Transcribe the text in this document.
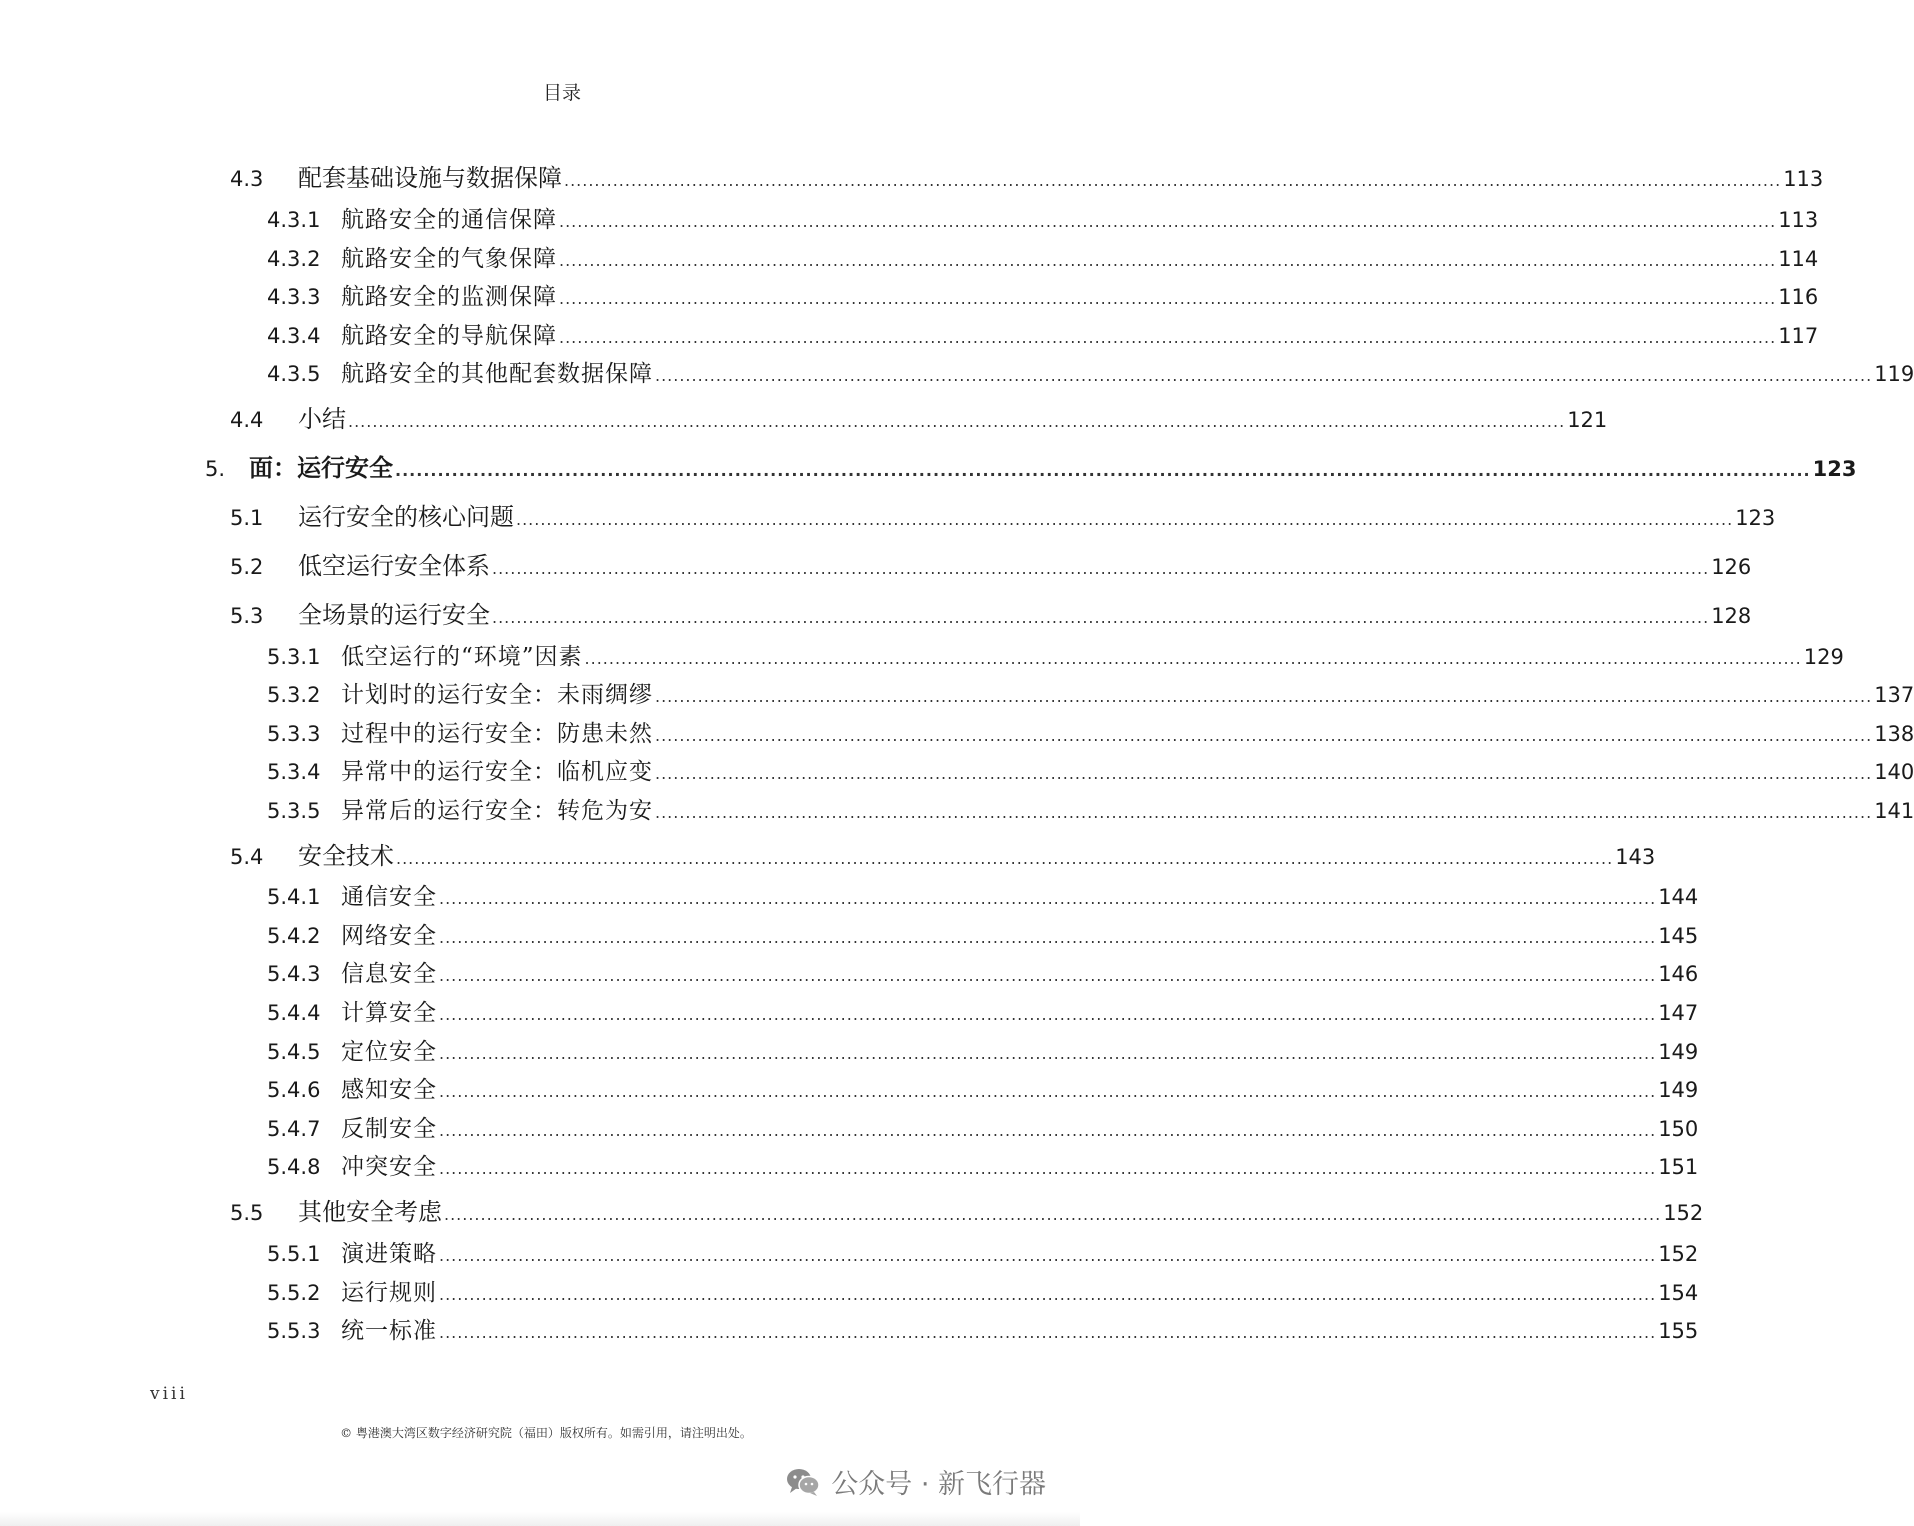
目录
4.3	配套基础设施与数据保障 ........................................................................................................................................................................................................ 113
4.3.1 航路安全的通信保障 ........................................................................................................................................................................................................ 113
4.3.2 航路安全的气象保障 ........................................................................................................................................................................................................ 114
4.3.3 航路安全的监测保障 ........................................................................................................................................................................................................ 116
4.3.4 航路安全的导航保障 ........................................................................................................................................................................................................ 117
4.3.5 航路安全的其他配套数据保障 ........................................................................................................................................................................................................ 119
4.4	小结 ........................................................................................................................................................................................................ 121
5. 面：运行安全 ........................................................................................................................................................................................................ 123
5.1	运行安全的核心问题 ........................................................................................................................................................................................................ 123
5.2	低空运行安全体系 ........................................................................................................................................................................................................ 126
5.3	全场景的运行安全 ........................................................................................................................................................................................................ 128
5.3.1 低空运行的“环境”因素 ........................................................................................................................................................................................................ 129
5.3.2 计划时的运行安全：未雨绸缪 ........................................................................................................................................................................................................ 137
5.3.3 过程中的运行安全：防患未然 ........................................................................................................................................................................................................ 138
5.3.4 异常中的运行安全：临机应变 ........................................................................................................................................................................................................ 140
5.3.5 异常后的运行安全：转危为安 ........................................................................................................................................................................................................ 141
5.4	安全技术 ........................................................................................................................................................................................................ 143
5.4.1 通信安全 ........................................................................................................................................................................................................ 144
5.4.2 网络安全 ........................................................................................................................................................................................................ 145
5.4.3 信息安全 ........................................................................................................................................................................................................ 146
5.4.4 计算安全 ........................................................................................................................................................................................................ 147
5.4.5 定位安全 ........................................................................................................................................................................................................ 149
5.4.6 感知安全 ........................................................................................................................................................................................................ 149
5.4.7 反制安全 ........................................................................................................................................................................................................ 150
5.4.8 冲突安全 ........................................................................................................................................................................................................ 151
5.5	其他安全考虑 ........................................................................................................................................................................................................ 152
5.5.1 演进策略 ........................................................................................................................................................................................................ 152
5.5.2 运行规则 ........................................................................................................................................................................................................ 154
5.5.3 统一标准 ........................................................................................................................................................................................................ 155
viii
© 粤港澳大湾区数字经济研究院（福田）版权所有。如需引用，请注明出处。
公众号 · 新飞行器
